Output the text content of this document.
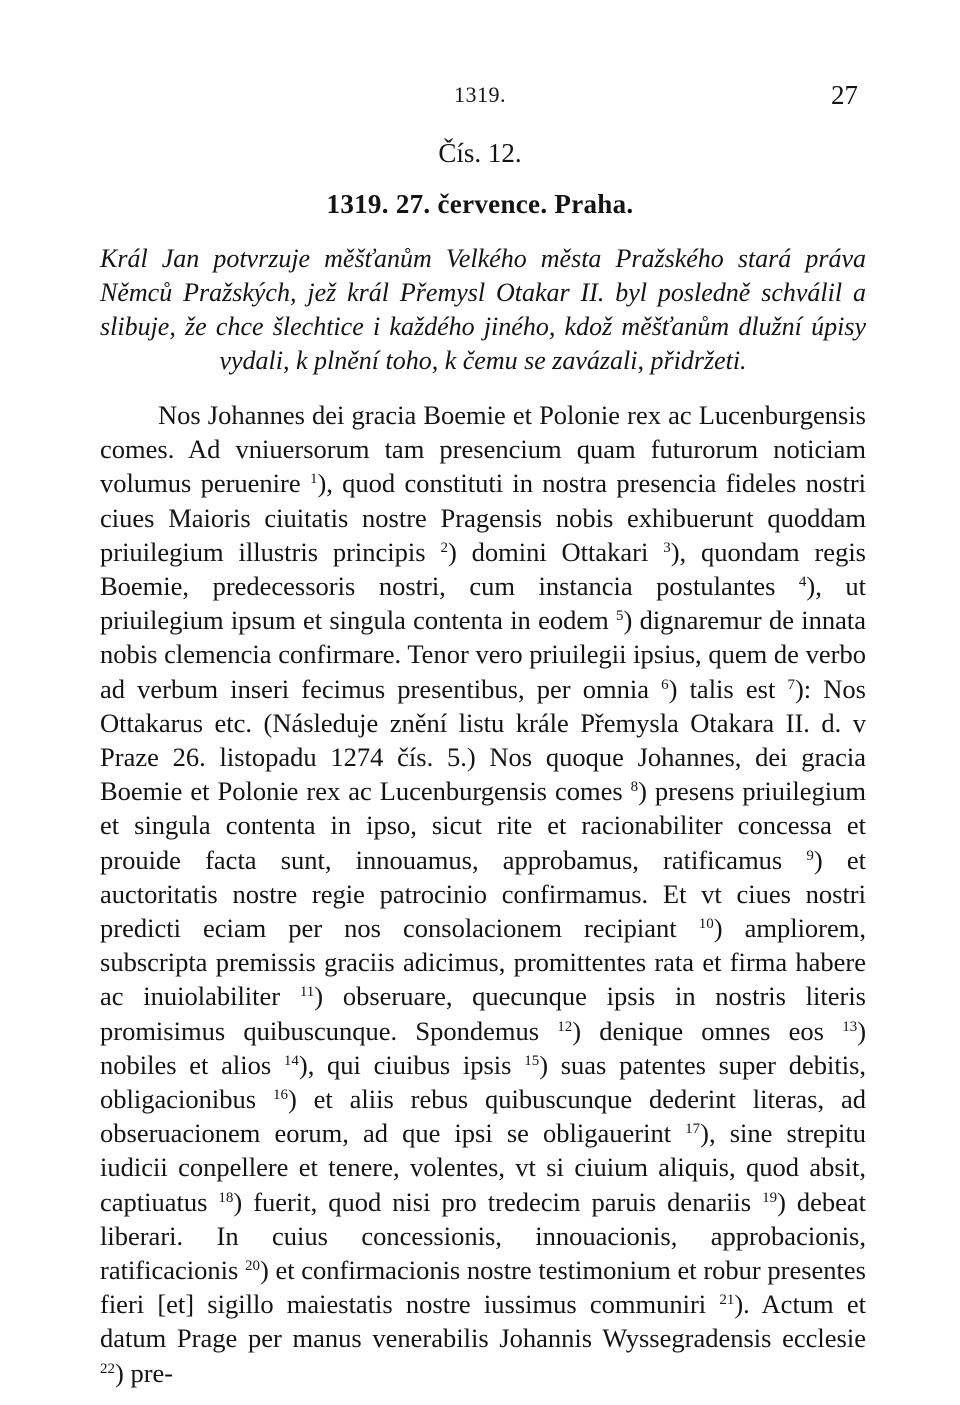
1319.	27
Čís. 12.
1319. 27. července. Praha.

Král Jan potvrzuje měšťanům Velkého města Pražského stará práva Němců Pražských, jež král Přemysl Otakar II. byl posledně schválil a slibuje, že chce šlechtice i každého jiného, kdož měšťanům dlužní úpisy vydali, k plnění toho, k čemu se zavázali, přidržeti.

Nos Johannes dei gracia Boemie et Polonie rex ac Lucenburgensis comes. Ad vniuersorum tam presencium quam futurorum noticiam volumus peruenire $^1$), quod constituti in nostra presencia fideles nostri ciues Maioris ciuitatis nostre Pragensis nobis exhibuerunt quoddam priuilegium illustris principis $^2$) domini Ottakari $^3$), quondam regis Boemie, predecessoris nostri, cum instancia postulantes $^4$), ut priuilegium ipsum et singula contenta in eodem $^5$) dignaremur de innata nobis clemencia confirmare. Tenor vero priuilegii ipsius, quem de verbo ad verbum inseri fecimus presentibus, per omnia $^6$) talis est $^7$): Nos Ottakarus etc. (Následuje znění listu krále Přemysla Otakara II. d. v Praze 26. listopadu 1274 čís. 5.) Nos quoque Johannes, dei gracia Boemie et Polonie rex ac Lucenburgensis comes $^8$) presens priuilegium et singula contenta in ipso, sicut rite et racionabiliter concessa et prouide facta sunt, innouamus, approbamus, ratificamus $^9$) et auctoritatis nostre regie patrocinio confirmamus. Et vt ciues nostri predicti eciam per nos consolacionem recipiant $^{10}$) ampliorem, subscripta premissis graciis adicimus, promittentes rata et firma habere ac inuiolabiliter $^{11}$) obseruare, quecunque ipsis in nostris literis promisimus quibuscunque. Spondemus $^{12}$) denique omnes eos $^{13}$) nobiles et alios $^{14}$), qui ciuibus ipsis $^{15}$) suas patentes super debitis, obligacionibus $^{16}$) et aliis rebus quibuscunque dederint literas, ad obseruacionem eorum, ad que ipsi se obligauerint $^{17}$), sine strepitu iudicii conpellere et tenere, volentes, vt si ciuium aliquis, quod absit, captiuatus $^{18}$) fuerit, quod nisi pro tredecim paruis denariis $^{19}$) debeat liberari. In cuius concessionis, innouacionis, approbacionis, ratificacionis $^{20}$) et confirmacionis nostre testimonium et robur presentes fieri [et] sigillo maiestatis nostre iussimus communiri $^{21}$). Actum et datum Prage per manus venerabilis Johannis Wyssegradensis ecclesie $^{22}$) pre-
